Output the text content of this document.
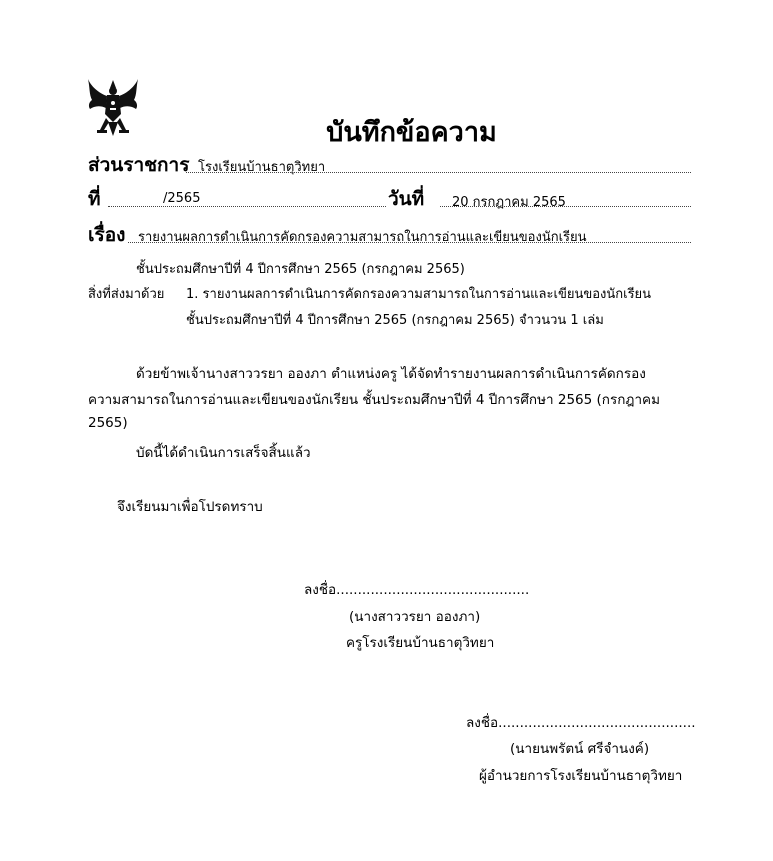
บันทึกข้อความ
ส่วนราชการ โรงเรียนบ้านธาตุวิทยา
ที่	/2565	วันที่ 20 กรกฎาคม 2565
เรื่อง รายงานผลการดำเนินการคัดกรองความสามารถในการอ่านและเขียนของนักเรียน
ชั้นประถมศึกษาปีที่ 4 ปีการศึกษา 2565 (กรกฎาคม 2565)
สิ่งที่ส่งมาด้วย 1. รายงานผลการดำเนินการคัดกรองความสามารถในการอ่านและเขียนของนักเรียน
ชั้นประถมศึกษาปีที่ 4 ปีการศึกษา 2565 (กรกฎาคม 2565) จำวนวน 1 เล่ม
ด้วยข้าพเจ้านางสาววรยา อองภา ตำแหน่งครู ได้จัดทำรายงานผลการดำเนินการคัดกรอง
ความสามารถในการอ่านและเขียนของนักเรียน ชั้นประถมศึกษาปีที่ 4 ปีการศึกษา 2565 (กรกฎาคม
2565)
บัดนี้ได้ดำเนินการเสร็จสิ้นแล้ว
จึงเรียนมาเพื่อโปรดทราบ
ลงชื่อ.............................................
(นางสาววรยา อองภา)
ครูโรงเรียนบ้านธาตุวิทยา
ลงชื่อ..............................................
(นายนพรัตน์ ศรีจำนงค์)
ผู้อำนวยการโรงเรียนบ้านธาตุวิทยา
